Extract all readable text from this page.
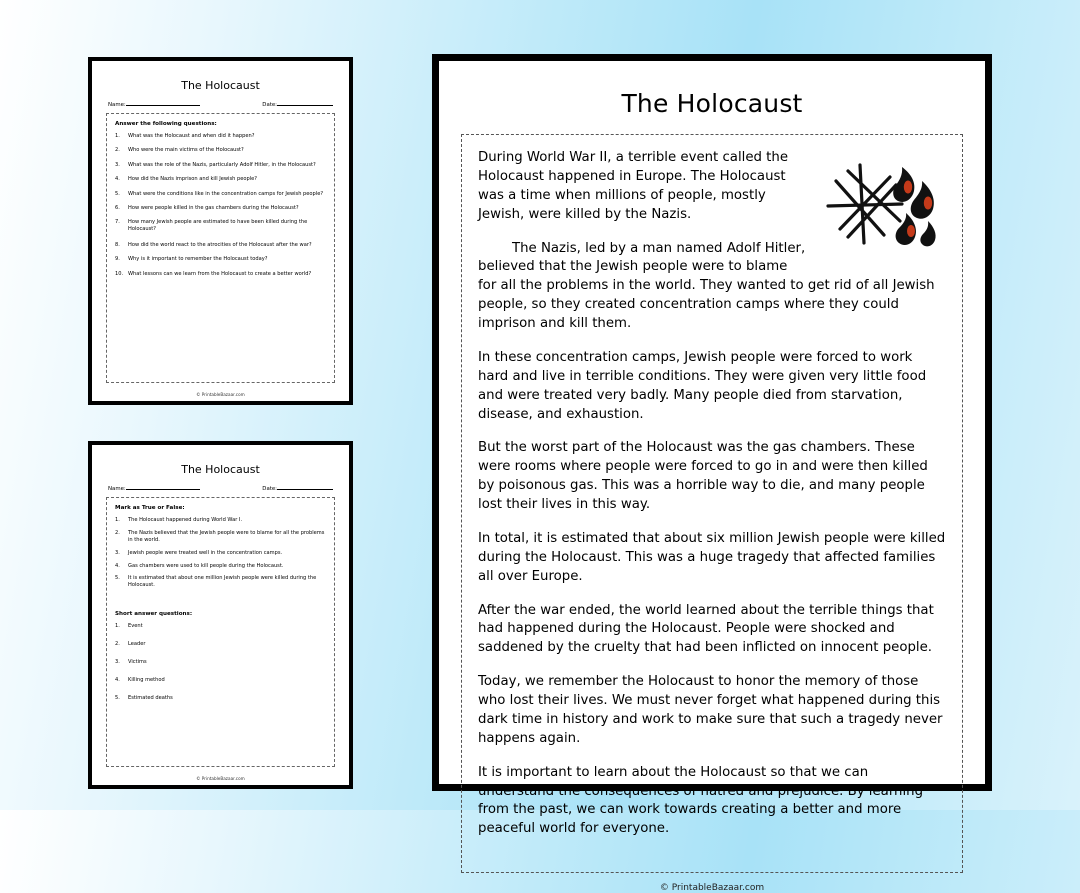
The Holocaust
Name:	Date:
Answer the following questions:
1.	What was the Holocaust and when did it happen?
2.	Who were the main victims of the Holocaust?
3.	What was the role of the Nazis, particularly Adolf Hitler, in the Holocaust?
4.	How did the Nazis imprison and kill Jewish people?
5.	What were the conditions like in the concentration camps for Jewish people?
6.	How were people killed in the gas chambers during the Holocaust?
7.	How many Jewish people are estimated to have been killed during the Holocaust?
8.	How did the world react to the atrocities of the Holocaust after the war?
9.	Why is it important to remember the Holocaust today?
10. What lessons can we learn from the Holocaust to create a better world?
© PrintableBazaar.com
The Holocaust
Name:	Date:
Mark as True or False:
1.	The Holocaust happened during World War I.
2.	The Nazis believed that the Jewish people were to blame for all the problems in the world.
3.	Jewish people were treated well in the concentration camps.
4.	Gas chambers were used to kill people during the Holocaust.
5.	It is estimated that about one million Jewish people were killed during the Holocaust.
Short answer questions:
1.	Event
2.	Leader
3.	Victims
4.	Killing method
5.	Estimated deaths
© PrintableBazaar.com
The Holocaust

During World War II, a terrible event called the Holocaust happened in Europe. The Holocaust was a time when millions of people, mostly Jewish, were killed by the Nazis.

The Nazis, led by a man named Adolf Hitler, believed that the Jewish people were to blame for all the problems in the world. They wanted to get rid of all Jewish people, so they created concentration camps where they could imprison and kill them.

In these concentration camps, Jewish people were forced to work hard and live in terrible conditions. They were given very little food and were treated very badly. Many people died from starvation, disease, and exhaustion.

But the worst part of the Holocaust was the gas chambers. These were rooms where people were forced to go in and were then killed by poisonous gas. This was a horrible way to die, and many people lost their lives in this way.

In total, it is estimated that about six million Jewish people were killed during the Holocaust. This was a huge tragedy that affected families all over Europe.

After the war ended, the world learned about the terrible things that had happened during the Holocaust. People were shocked and saddened by the cruelty that had been inflicted on innocent people.

Today, we remember the Holocaust to honor the memory of those who lost their lives. We must never forget what happened during this dark time in history and work to make sure that such a tragedy never happens again.

It is important to learn about the Holocaust so that we can understand the consequences of hatred and prejudice. By learning from the past, we can work towards creating a better and more peaceful world for everyone.

© PrintableBazaar.com
